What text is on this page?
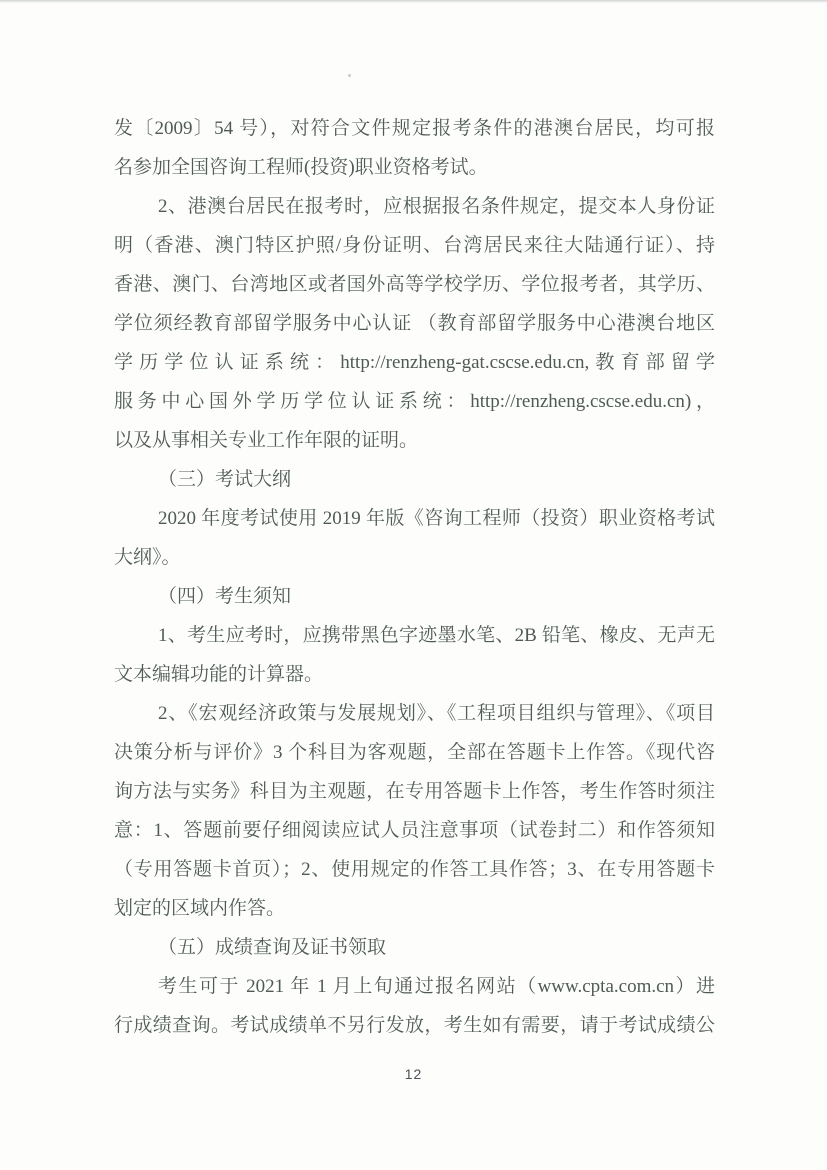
发〔2009〕54 号），对符合文件规定报考条件的港澳台居民，均可报
名参加全国咨询工程师(投资)职业资格考试。
2、港澳台居民在报考时，应根据报名条件规定，提交本人身份证
明（香港、澳门特区护照/身份证明、台湾居民来往大陆通行证）、持
香港、澳门、台湾地区或者国外高等学校学历、学位报考者，其学历、
学位须经教育部留学服务中心认证 （教育部留学服务中心港澳台地区
学历学位认证系统：http://renzheng-gat.cscse.edu.cn,教育部留学
服务中心国外学历学位认证系统：http://renzheng.cscse.edu.cn)，
以及从事相关专业工作年限的证明。
（三）考试大纲
2020 年度考试使用 2019 年版《咨询工程师（投资）职业资格考试
大纲》。
（四）考生须知
1、考生应考时，应携带黑色字迹墨水笔、2B 铅笔、橡皮、无声无
文本编辑功能的计算器。
2、《宏观经济政策与发展规划》、《工程项目组织与管理》、《项目
决策分析与评价》3 个科目为客观题，全部在答题卡上作答。《现代咨
询方法与实务》科目为主观题，在专用答题卡上作答，考生作答时须注
意：1、答题前要仔细阅读应试人员注意事项（试卷封二）和作答须知
（专用答题卡首页）；2、使用规定的作答工具作答；3、在专用答题卡
划定的区域内作答。
（五）成绩查询及证书领取
考生可于 2021 年 1 月上旬通过报名网站（www.cpta.com.cn）进
行成绩查询。考试成绩单不另行发放，考生如有需要，请于考试成绩公
12
